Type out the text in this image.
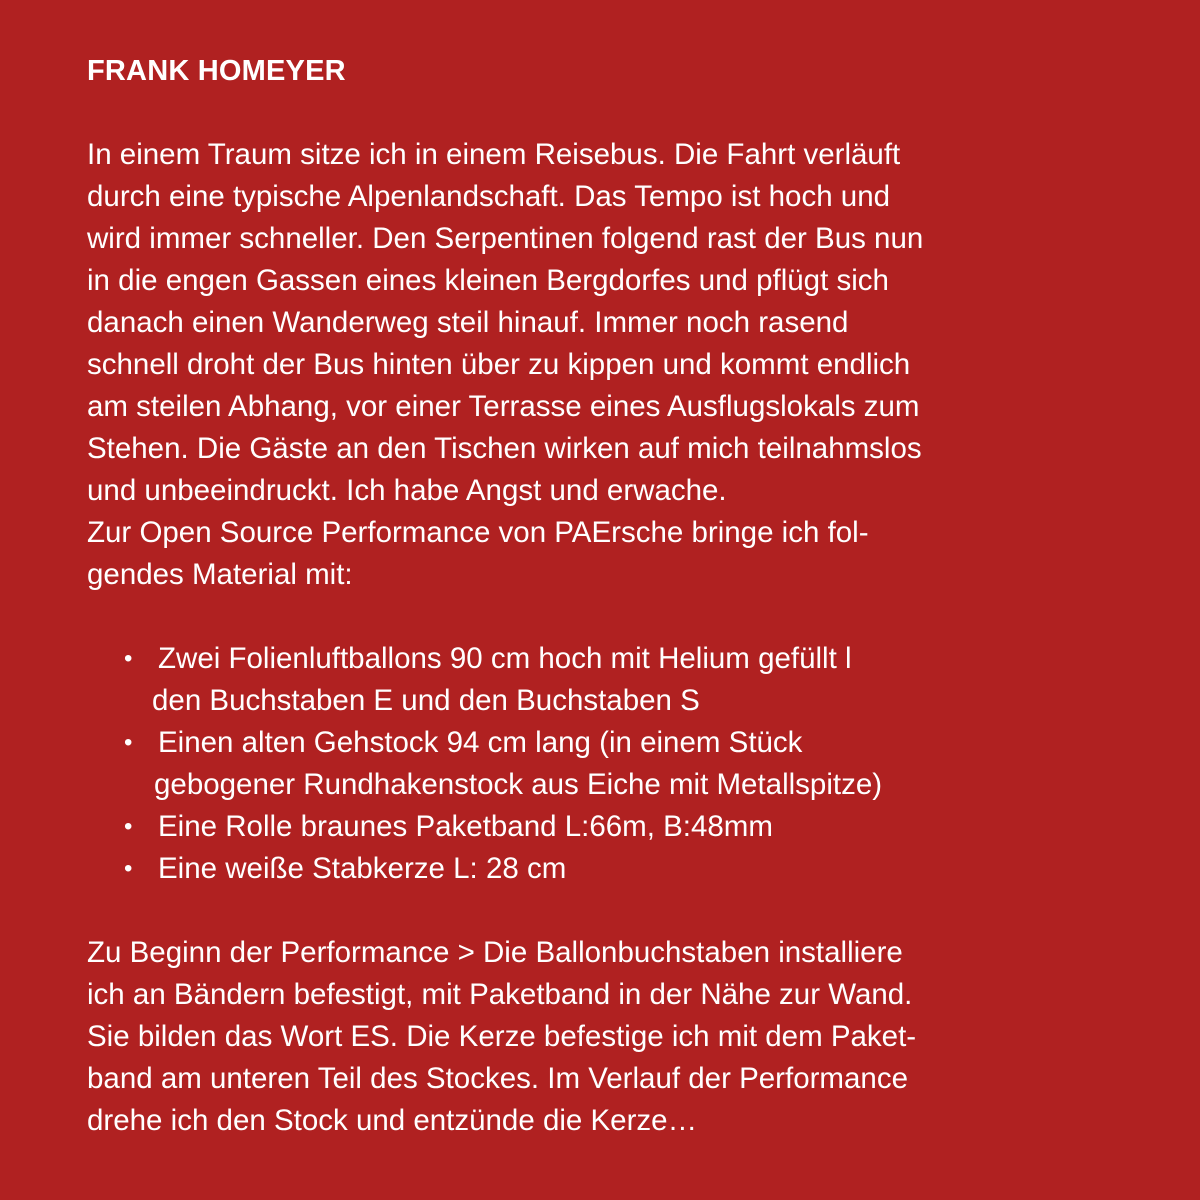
FRANK HOMEYER

In einem Traum sitze ich in einem Reisebus. Die Fahrt verläuft
durch eine typische Alpenlandschaft. Das Tempo ist hoch und
wird immer schneller. Den Serpentinen folgend rast der Bus nun
in die engen Gassen eines kleinen Bergdorfes und pflügt sich
danach einen Wanderweg steil hinauf. Immer noch rasend
schnell droht der Bus hinten über zu kippen und kommt endlich
am steilen Abhang, vor einer Terrasse eines Ausflugslokals zum
Stehen. Die Gäste an den Tischen wirken auf mich teilnahmslos
und unbeeindruckt. Ich habe Angst und erwache.
Zur Open Source Performance von PAErsche bringe ich fol-
gendes Material mit:

• Zwei Folienluftballons 90 cm hoch mit Helium gefüllt l
den Buchstaben E und den Buchstaben S
• Einen alten Gehstock 94 cm lang (in einem Stück
gebogener Rundhakenstock aus Eiche mit Metallspitze)
• Eine Rolle braunes Paketband L:66m, B:48mm
• Eine weiße Stabkerze L: 28 cm

Zu Beginn der Performance > Die Ballonbuchstaben installiere
ich an Bändern befestigt, mit Paketband in der Nähe zur Wand.
Sie bilden das Wort ES. Die Kerze befestige ich mit dem Paket-
band am unteren Teil des Stockes. Im Verlauf der Performance
drehe ich den Stock und entzünde die Kerze…
